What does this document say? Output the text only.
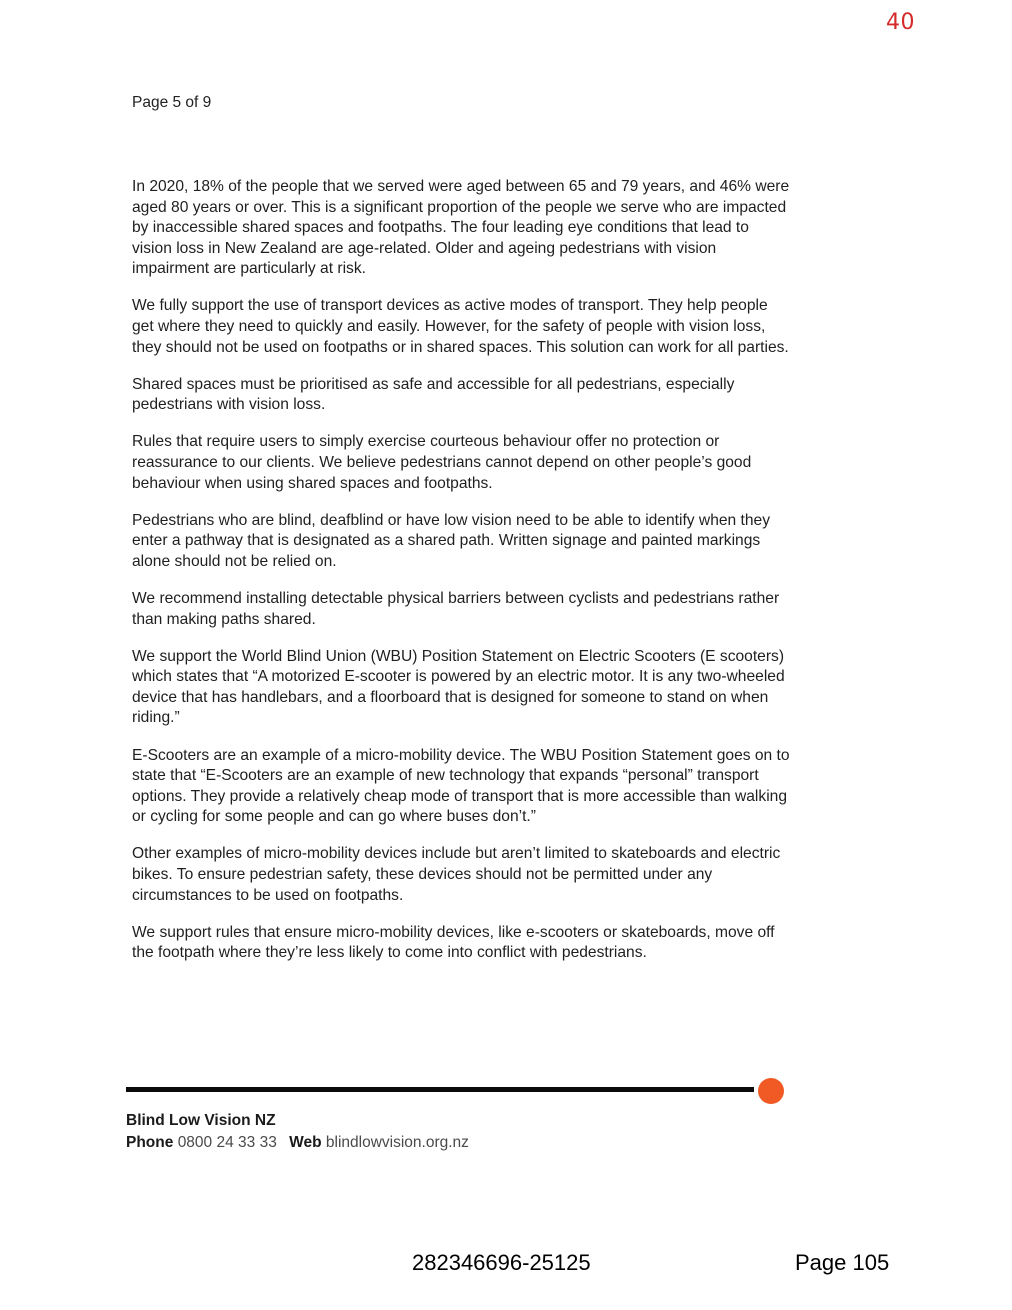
40
Page 5 of 9

In 2020, 18% of the people that we served were aged between 65 and 79 years, and 46% were aged 80 years or over. This is a significant proportion of the people we serve who are impacted by inaccessible shared spaces and footpaths. The four leading eye conditions that lead to vision loss in New Zealand are age-related. Older and ageing pedestrians with vision impairment are particularly at risk.

We fully support the use of transport devices as active modes of transport. They help people get where they need to quickly and easily. However, for the safety of people with vision loss, they should not be used on footpaths or in shared spaces. This solution can work for all parties.

Shared spaces must be prioritised as safe and accessible for all pedestrians, especially pedestrians with vision loss.

Rules that require users to simply exercise courteous behaviour offer no protection or reassurance to our clients. We believe pedestrians cannot depend on other people’s good behaviour when using shared spaces and footpaths.

Pedestrians who are blind, deafblind or have low vision need to be able to identify when they enter a pathway that is designated as a shared path. Written signage and painted markings alone should not be relied on.

We recommend installing detectable physical barriers between cyclists and pedestrians rather than making paths shared.

We support the World Blind Union (WBU) Position Statement on Electric Scooters (E scooters) which states that “A motorized E-scooter is powered by an electric motor. It is any two-wheeled device that has handlebars, and a floorboard that is designed for someone to stand on when riding.”

E-Scooters are an example of a micro-mobility device. The WBU Position Statement goes on to state that “E-Scooters are an example of new technology that expands “personal” transport options. They provide a relatively cheap mode of transport that is more accessible than walking or cycling for some people and can go where buses don’t.”

Other examples of micro-mobility devices include but aren’t limited to skateboards and electric bikes. To ensure pedestrian safety, these devices should not be permitted under any circumstances to be used on footpaths.

We support rules that ensure micro-mobility devices, like e-scooters or skateboards, move off the footpath where they’re less likely to come into conflict with pedestrians.

Blind Low Vision NZ
Phone 0800 24 33 33 Web blindlowvision.org.nz
282346696-25125	Page 105
